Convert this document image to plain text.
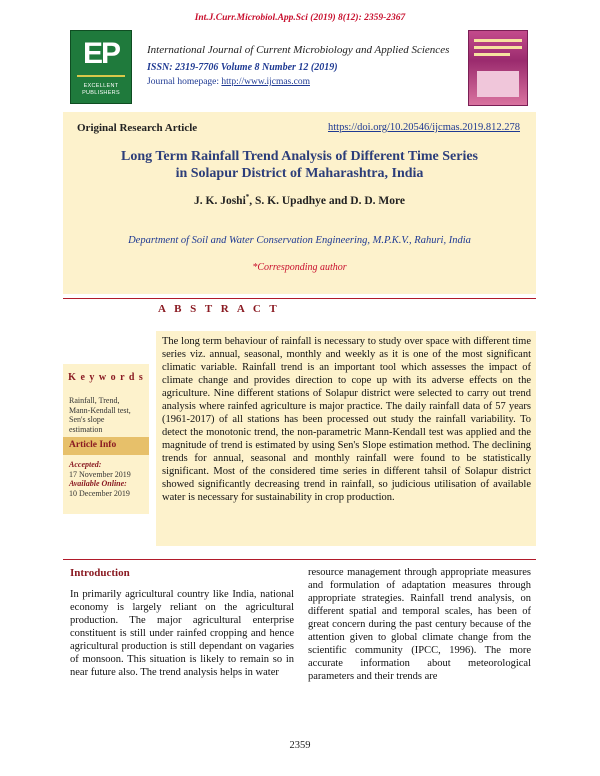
Int.J.Curr.Microbiol.App.Sci (2019) 8(12): 2359-2367
EP
EXCELLENT
PUBLISHERS
International Journal of Current Microbiology and Applied Sciences
ISSN: 2319-7706 Volume 8 Number 12 (2019)
Journal homepage: http://www.ijcmas.com
Original Research Article	https://doi.org/10.20546/ijcmas.2019.812.278
Long Term Rainfall Trend Analysis of Different Time Series
in Solapur District of Maharashtra, India
J. K. Joshi*, S. K. Upadhye and D. D. More
Department of Soil and Water Conservation Engineering, M.P.K.V., Rahuri, India
*Corresponding author
A B S T R A C T
K e y w o r d s
Rainfall, Trend,
Mann-Kendall test,
Sen's slope
estimation
Article Info
Accepted:
17 November 2019
Available Online:
10 December 2019
The long term behaviour of rainfall is necessary to study over space with different time series viz. annual, seasonal, monthly and weekly as it is one of the most significant climatic variable. Rainfall trend is an important tool which assesses the impact of climate change and provides direction to cope up with its adverse effects on the agriculture. Nine different stations of Solapur district were selected to carry out trend analysis where rainfed agriculture is major practice. The daily rainfall data of 57 years (1961-2017) of all stations has been processed out study the rainfall variability. To detect the monotonic trend, the non-parametric Mann-Kendall test was applied and the magnitude of trend is estimated by using Sen's Slope estimation method. The declining trends for annual, seasonal and monthly rainfall were found to be statistically significant. Most of the considered time series in different tahsil of Solapur district showed significantly decreasing trend in rainfall, so judicious utilisation of available water is necessary for sustainability in crop production.
Introduction
In primarily agricultural country like India, national economy is largely reliant on the agricultural production. The major agricultural enterprise constituent is still under rainfed cropping and hence agricultural production is still dependant on vagaries of monsoon. This situation is likely to remain so in near future also. The trend analysis helps in water
resource management through appropriate measures and formulation of adaptation measures through appropriate strategies. Rainfall trend analysis, on different spatial and temporal scales, has been of great concern during the past century because of the attention given to global climate change from the scientific community (IPCC, 1996). The more accurate information about meteorological parameters and their trends are
2359
